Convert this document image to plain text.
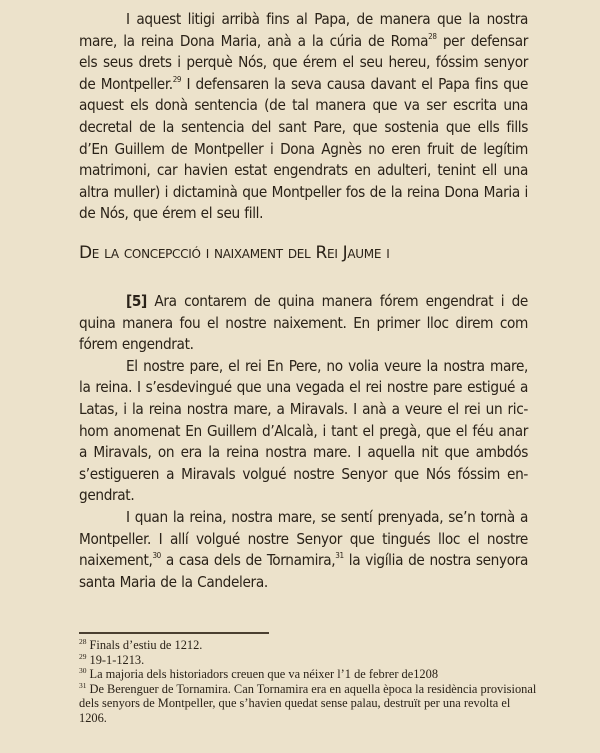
I aquest litigi arribà fins al Papa, de manera que la nostra mare, la reina Dona Maria, anà a la cúria de Roma$^{28}$ per defensar els seus drets i perquè Nós, que érem el seu hereu, fóssim senyor de Montpeller.$^{29}$ I defensaren la seva causa davant el Papa fins que aquest els donà sentencia (de tal manera que va ser escrita una decretal de la sentencia del sant Pare, que sostenia que ells fills d’En Guillem de Montpeller i Dona Agnès no eren fruit de legítim matrimoni, car havien estat engendrats en adulteri, tenint ell una altra muller) i dictaminà que Montpeller fos de la reina Dona Maria i de Nós, que érem el seu fill.

De la concepcció i naixament del Rei Jaume i

[5] Ara contarem de quina manera fórem engendrat i de quina manera fou el nostre naixement. En primer lloc direm com fórem engendrat.

El nostre pare, el rei En Pere, no volia veure la nostra mare, la reina. I s’esdevingué que una vegada el rei nostre pare estigué a Latas, i la reina nostra mare, a Miravals. I anà a veure el rei un ric-hom anomenat En Guillem d’Alcalà, i tant el pregà, que el féu anar a Miravals, on era la reina nostra mare. I aquella nit que ambdós s’estigueren a Miravals volgué nostre Senyor que Nós fóssim en-gendrat.

I quan la reina, nostra mare, se sentí prenyada, se’n tornà a Montpeller. I allí volgué nostre Senyor que tingués lloc el nostre naixement,$^{30}$ a casa dels de Tornamira,$^{31}$ la vigília de nostra senyora santa Maria de la Candelera.

$^{28}$ Finals d’estiu de 1212.

$^{29}$ 19-1-1213.

$^{30}$ La majoria dels historiadors creuen que va néixer l’1 de febrer de1208

$^{31}$ De Berenguer de Tornamira. Can Tornamira era en aquella època la residència provisional dels senyors de Montpeller, que s’havien quedat sense palau, destruït per una revolta el 1206.
